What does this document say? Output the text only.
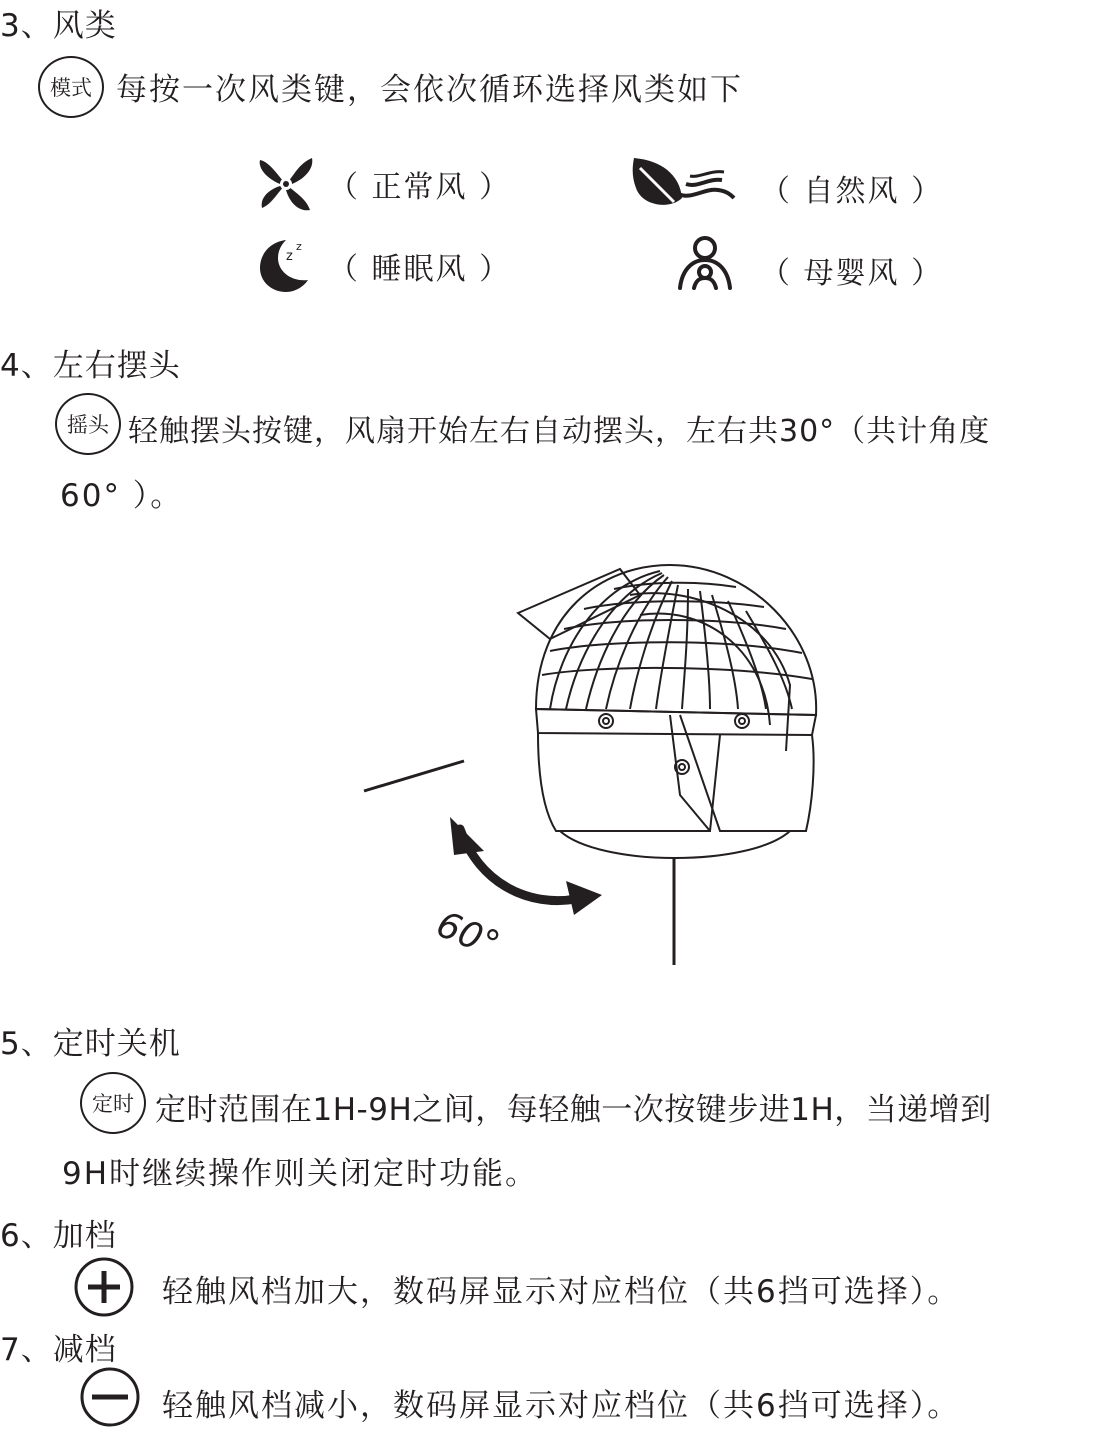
3、风类
模式 每按一次风类键，会依次循环选择风类如下
（ 正常风 ）	（ 自然风 ）
z
z
（ 睡眠风 ）	（ 母婴风 ）
4、左右摆头
摇头 轻触摆头按键，风扇开始左右自动摆头，左右共30°（共计角度
60° ）。
60°
5、定时关机
定时 定时范围在1H-9H之间，每轻触一次按键步进1H，当递增到
9H时继续操作则关闭定时功能。
6、加档
轻触风档加大，数码屏显示对应档位（共6挡可选择）。
7、减档
轻触风档减小，数码屏显示对应档位（共6挡可选择）。
